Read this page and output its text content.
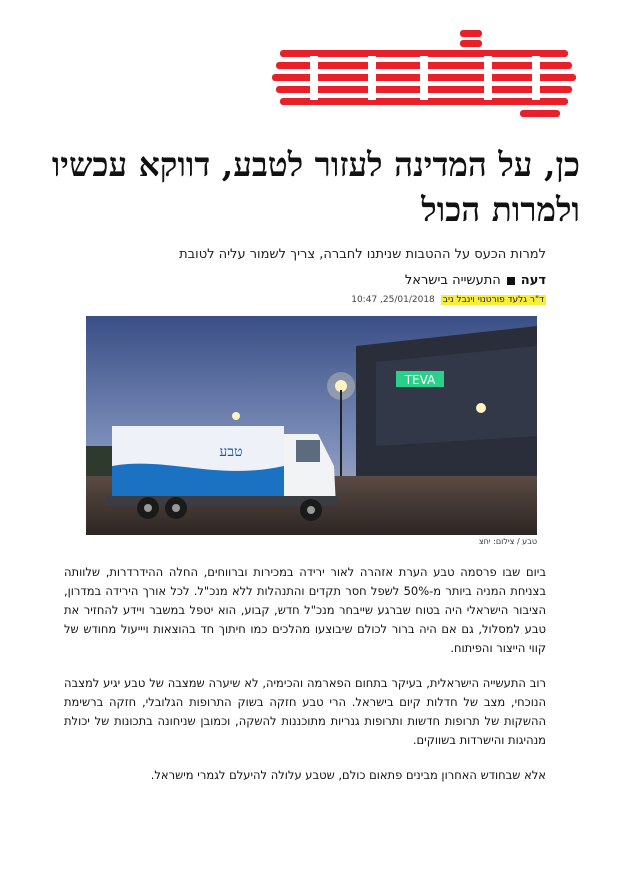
כן, על המדינה לעזור לטבע, דווקא עכשיו ולמרות הכול
למרות הכעס על ההטבות שניתנו לחברה, צריך לשמור עליה לטובת
דעה
התעשייה בישראל
ד"ר גלעד פורטנוי וינבל ניב
25/01/2018, 10:47
TEVA
טבע
טבע / צילום: יחצ

ביום שבו פרסמה טבע הערת אזהרה לאור ירידה במכירות וברווחים, החלה ההידרדרות, שלוותה בצניחת המניה ביותר מ-50% לשפל חסר תקדים והתנהלות ללא מנכ"ל. לכל אורך הירידה במדרון, הציבור הישראלי היה בטוח שברגע שייבחר מנכ"ל חדש, קבוע, הוא יטפל במשבר ויידע להחזיר את טבע למסלול, גם אם היה ברור לכולם שיבוצעו מהלכים כמו חיתוך חד בהוצאות ויייעול מחודש של קווי הייצור והפיתוח.

רוב התעשייה הישראלית, בעיקר בתחום הפארמה והכימיה, לא שיערה שמצבה של טבע יגיע למצבה הנוכחי, מצב של חדלות קיום בישראל. הרי טבע חזקה בשוק התרופות הגלובלי, חזקה ברשימת ההשקות של תרופות חדשות ותרופות גנריות מתוכננות להשקה, וכמובן שניחונה בתכונות של יכולת מנהיגות והישרדות בשווקים.

אלא שבחודש האחרון מבינים פתאום כולם, שטבע עלולה להיעלם לגמרי מישראל.
